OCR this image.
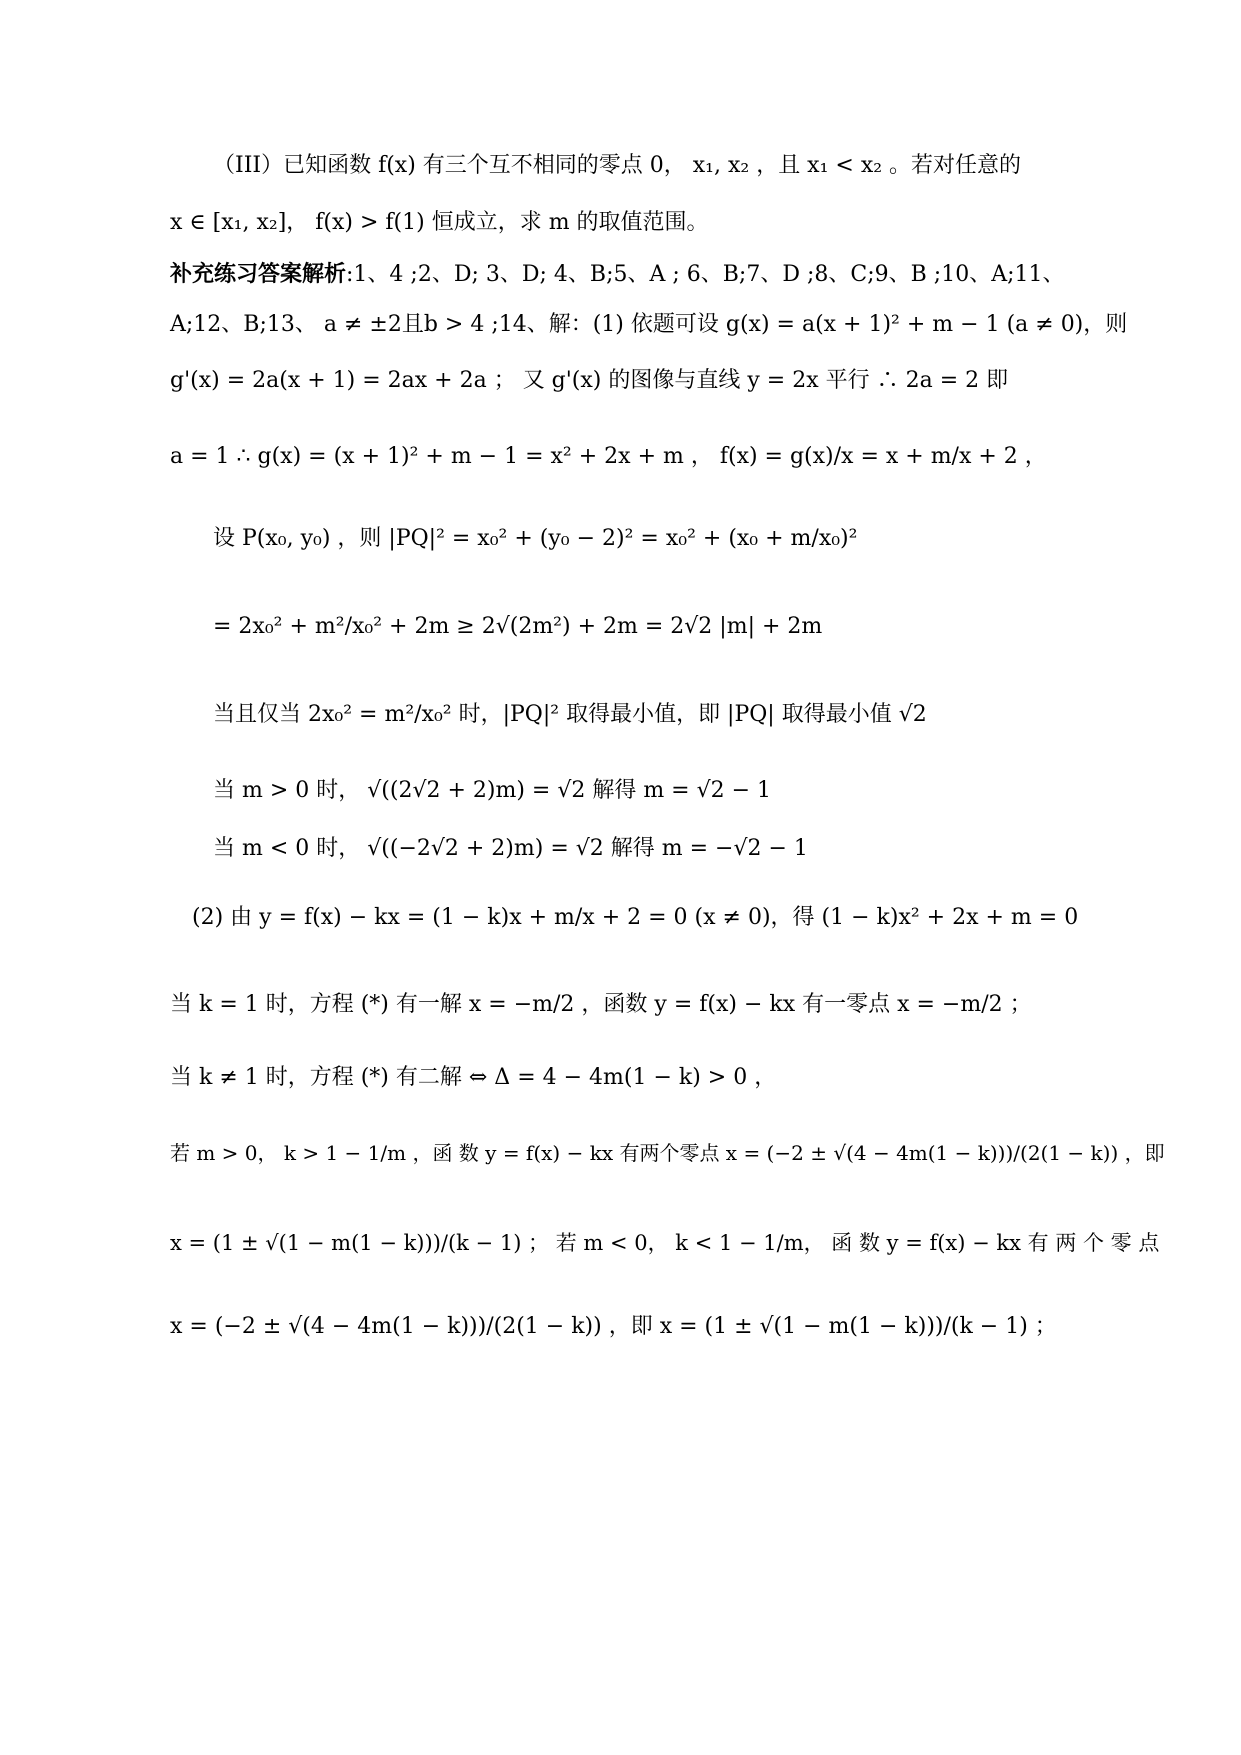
（III）已知函数 f(x) 有三个互不相同的零点 0， x₁, x₂ ，且 x₁ < x₂ 。若对任意的
x ∈ [x₁, x₂]， f(x) > f(1) 恒成立，求 m 的取值范围。
补充练习答案解析:1、4 ;2、D; 3、D; 4、B;5、A ; 6、B;7、D ;8、C;9、B ;10、A;11、
A;12、B;13、 a ≠ ±2且b > 4 ;14、解：(1) 依题可设 g(x) = a(x + 1)² + m − 1 (a ≠ 0)，则
g'(x) = 2a(x + 1) = 2ax + 2a ； 又 g'(x) 的图像与直线 y = 2x 平行 ∴ 2a = 2 即
a = 1 ∴ g(x) = (x + 1)² + m − 1 = x² + 2x + m ， f(x) = g(x)/x = x + m/x + 2 ，
设 P(x₀, y₀) ，则 |PQ|² = x₀² + (y₀ − 2)² = x₀² + (x₀ + m/x₀)²
= 2x₀² + m²/x₀² + 2m ≥ 2√(2m²) + 2m = 2√2 |m| + 2m
当且仅当 2x₀² = m²/x₀² 时，|PQ|² 取得最小值，即 |PQ| 取得最小值 √2
当 m > 0 时， √((2√2 + 2)m) = √2 解得 m = √2 − 1
当 m < 0 时， √((−2√2 + 2)m) = √2 解得 m = −√2 − 1
(2) 由 y = f(x) − kx = (1 − k)x + m/x + 2 = 0 (x ≠ 0)，得 (1 − k)x² + 2x + m = 0
当 k = 1 时，方程 (*) 有一解 x = −m/2 ，函数 y = f(x) − kx 有一零点 x = −m/2 ；
当 k ≠ 1 时，方程 (*) 有二解 ⇔ Δ = 4 − 4m(1 − k) > 0 ，
若 m > 0， k > 1 − 1/m ，函 数 y = f(x) − kx 有两个零点 x = (−2 ± √(4 − 4m(1 − k)))/(2(1 − k)) ，即
x = (1 ± √(1 − m(1 − k)))/(k − 1) ； 若 m < 0， k < 1 − 1/m， 函 数 y = f(x) − kx 有 两 个 零 点
x = (−2 ± √(4 − 4m(1 − k)))/(2(1 − k)) ，即 x = (1 ± √(1 − m(1 − k)))/(k − 1) ；
